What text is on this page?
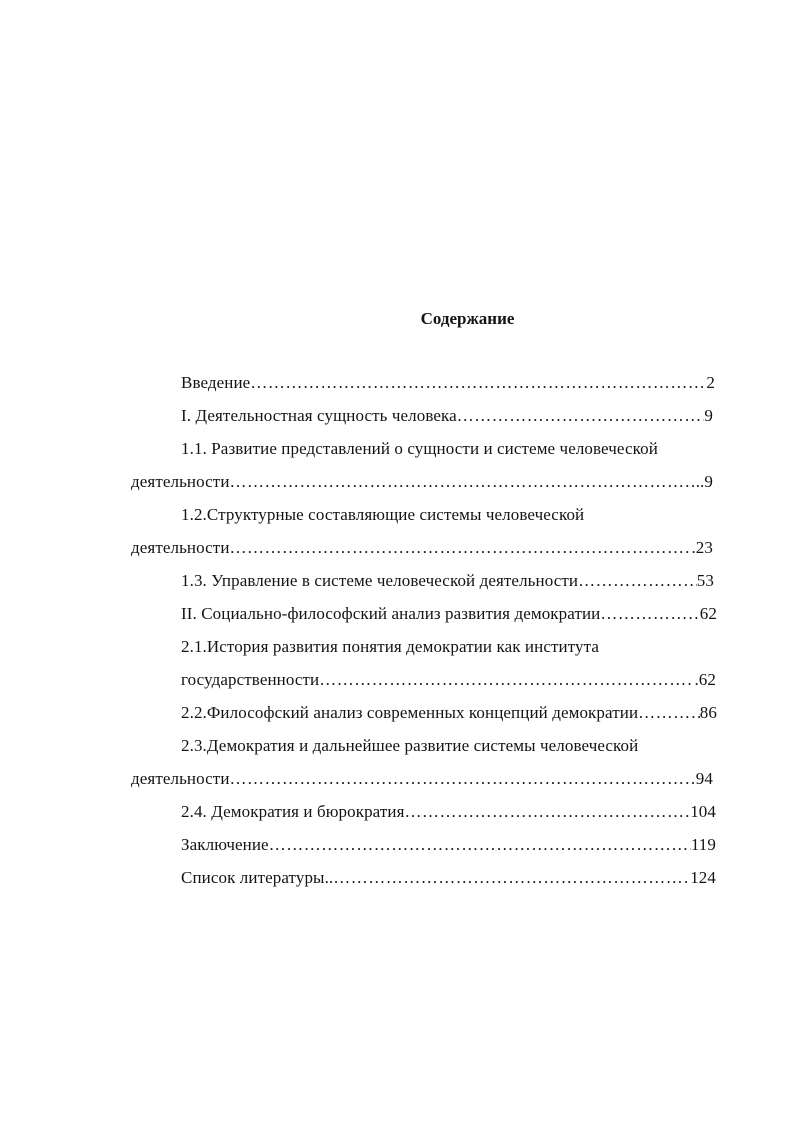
Содержание
Введение …………………………………………………………………………………………………………………………	2
I. Деятельностная сущность человека …………………………………………………………………………………………………………………………	9
1.1. Развитие представлений о сущности и системе человеческой
деятельности …………………………………………………………………………………………………………………………	..9
1.2.Структурные составляющие системы человеческой
деятельности …………………………………………………………………………………………………………………………	.23
1.3. Управление в системе человеческой деятельности …………………………………………………………………………………………………………………………	53
II. Социально-философский анализ развития демократии …………………………………………………………………………………………………………………………	62
2.1.История развития понятия демократии как института
государственности …………………………………………………………………………………………………………………………	.62
2.2.Философский анализ современных концепций демократии …………………………………………………………………………………………………………………………	86
2.3.Демократия и дальнейшее развитие системы человеческой
деятельности …………………………………………………………………………………………………………………………	94
2.4. Демократия и бюрократия …………………………………………………………………………………………………………………………	104
Заключение …………………………………………………………………………………………………………………………	119
Список литературы.. …………………………………………………………………………………………………………………………	124
